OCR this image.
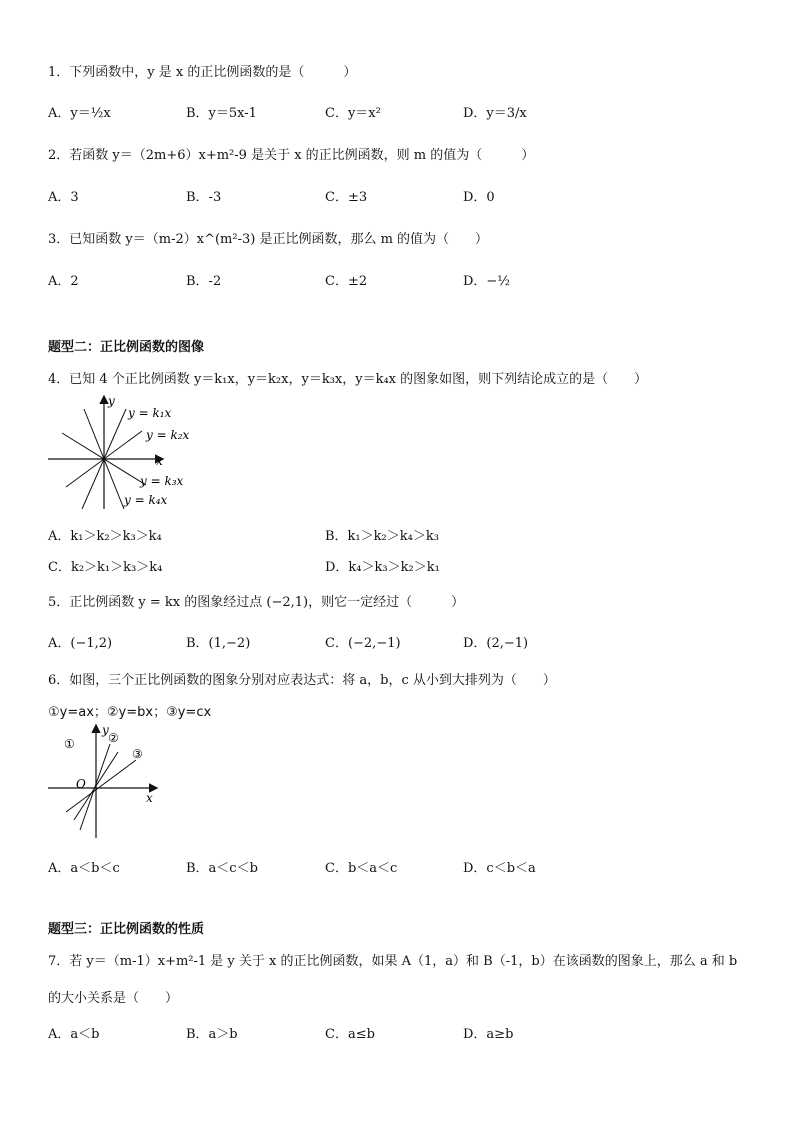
1．下列函数中，y 是 x 的正比例函数的是（　　　）
A．y＝½x	B．y＝5x-1	C．y＝x²	D．y＝3/x
2．若函数 y＝（2m+6）x+m²-9 是关于 x 的正比例函数，则 m 的值为（　　　）
A．3	B．-3	C．±3	D．0
3．已知函数 y＝（m-2）x^(m²-3) 是正比例函数，那么 m 的值为（　　）
A．2	B．-2	C．±2	D．−½
题型二：正比例函数的图像
4．已知 4 个正比例函数 y＝k₁x，y＝k₂x，y＝k₃x，y＝k₄x 的图象如图，则下列结论成立的是（　　）
y
x
y = k₁x
y = k₂x
y = k₃x
y = k₄x
A．k₁＞k₂＞k₃＞k₄	B．k₁＞k₂＞k₄＞k₃
C．k₂＞k₁＞k₃＞k₄	D．k₄＞k₃＞k₂＞k₁
5．正比例函数 y = kx 的图象经过点 (−2,1)，则它一定经过（　　　）
A．(−1,2)	B．(1,−2)	C．(−2,−1)	D．(2,−1)
6．如图，三个正比例函数的图象分别对应表达式：将 a，b，c 从小到大排列为（　　）
①y=ax；②y=bx；③y=cx
y
x
O
①	②
③
A．a＜b＜c	B．a＜c＜b	C．b＜a＜c	D．c＜b＜a
题型三：正比例函数的性质
7．若 y＝（m-1）x+m²-1 是 y 关于 x 的正比例函数，如果 A（1，a）和 B（-1，b）在该函数的图象上，那么 a 和 b
的大小关系是（　　）
A．a＜b	B．a＞b	C．a≤b	D．a≥b
